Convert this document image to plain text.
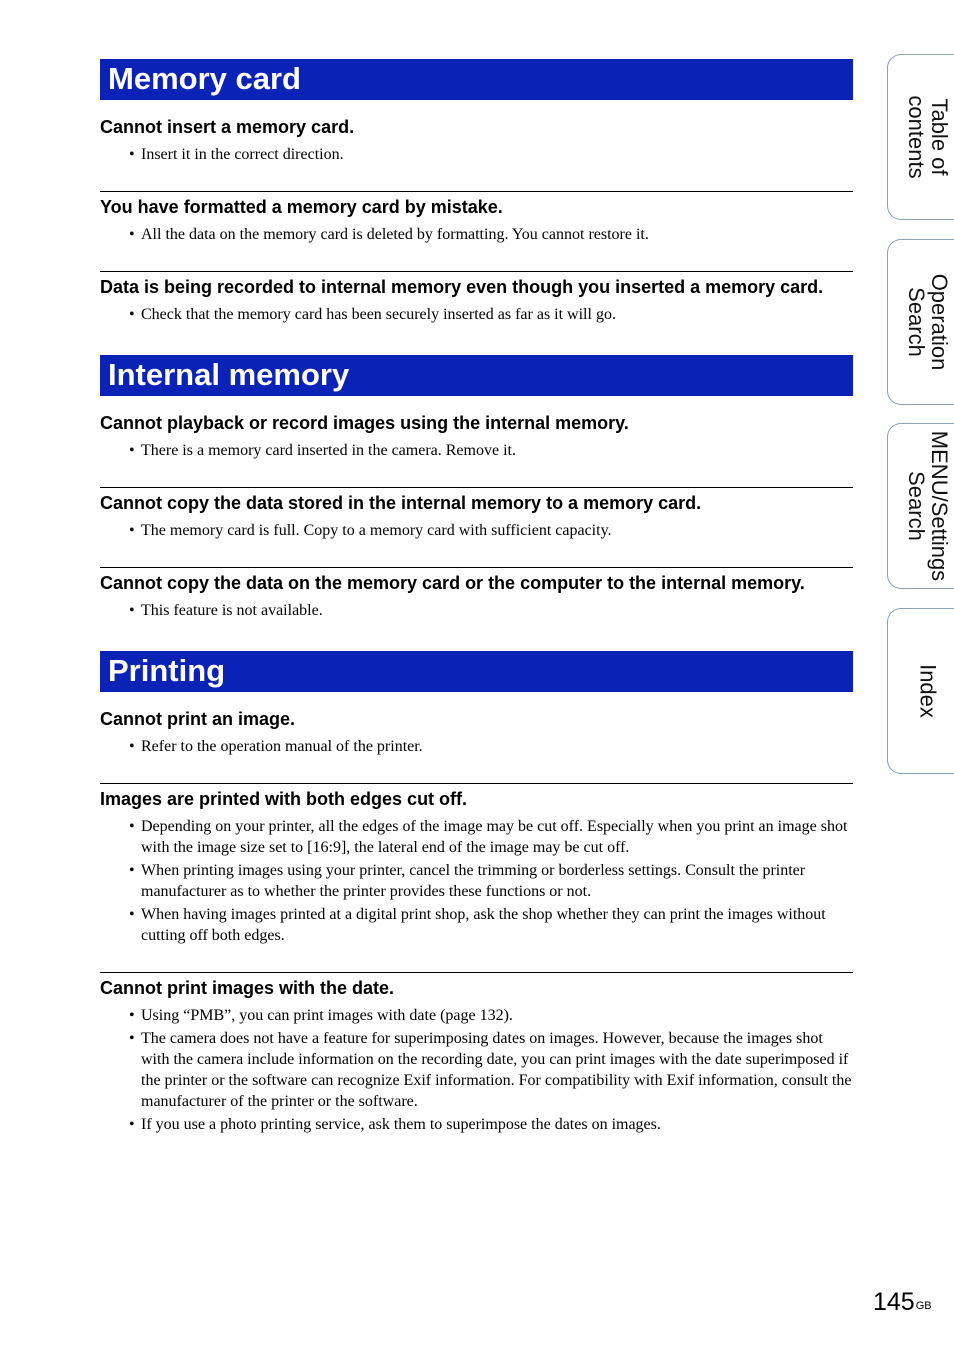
Memory card
Cannot insert a memory card.
• Insert it in the correct direction.
You have formatted a memory card by mistake.
• All the data on the memory card is deleted by formatting. You cannot restore it.
Data is being recorded to internal memory even though you inserted a memory card.
• Check that the memory card has been securely inserted as far as it will go.
Internal memory
Cannot playback or record images using the internal memory.
• There is a memory card inserted in the camera. Remove it.
Cannot copy the data stored in the internal memory to a memory card.
• The memory card is full. Copy to a memory card with sufficient capacity.
Cannot copy the data on the memory card or the computer to the internal memory.
• This feature is not available.
Printing
Cannot print an image.
• Refer to the operation manual of the printer.
Images are printed with both edges cut off.
• Depending on your printer, all the edges of the image may be cut off. Especially when you print an image shot with the image size set to [16:9], the lateral end of the image may be cut off.
• When printing images using your printer, cancel the trimming or borderless settings. Consult the printer manufacturer as to whether the printer provides these functions or not.
• When having images printed at a digital print shop, ask the shop whether they can print the images without cutting off both edges.
Cannot print images with the date.
• Using “PMB”, you can print images with date (page 132).
• The camera does not have a feature for superimposing dates on images. However, because the images shot with the camera include information on the recording date, you can print images with the date superimposed if the printer or the software can recognize Exif information. For compatibility with Exif information, consult the manufacturer of the printer or the software.
• If you use a photo printing service, ask them to superimpose the dates on images.
Table of
contents
Operation
Search
MENU/Settings
Search
Index
$145^{GB}$
